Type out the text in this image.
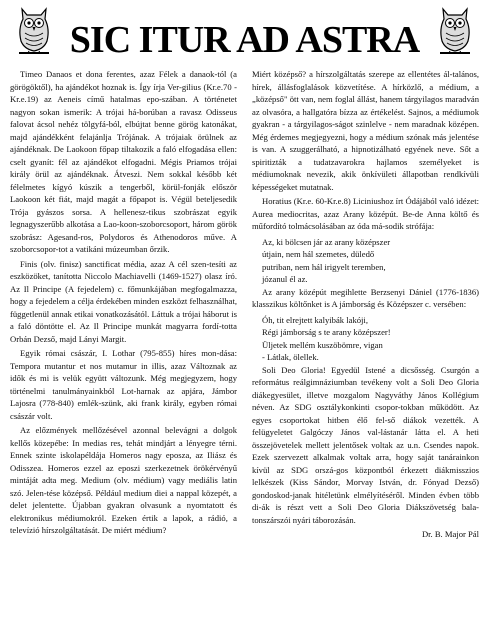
SIC ITUR AD ASTRA

Timeo Danaos et dona ferentes, azaz Félek a danaok-tól (a görögöktől), ha ajándékot hoznak is. Így írja Ver-gilius (Kr.e.70 - Kr.e.19) az Aeneis című hatalmas epo-szában. A történetet nagyon sokan ismerik: A trójai há-borúban a ravasz Odisseus falovat ácsol nehéz tölgyfá-ból, elbújtat benne görög katonákat, majd ajándékként felajánlja Trójának. A trójaiak örülnek az ajándéknak. De Laokoon főpap tiltakozik a faló elfogadása ellen: cselt gyanít: fél az ajándékot elfogadni. Mégis Priamos trójai király örül az ajándéknak. Átveszi. Nem sokkal később két félelmetes kígyó kúszik a tengerből, körül-fonják először Laokoon két fiát, majd magát a főpapot is. Végül beteljesedik Trója gyászos sorsa. A hellenesz-tikus szobrászat egyik legnagyszerűbb alkotása a Lao-koon-szoborcsoport, három görök szobrász: Agesand-ros, Polydoros és Athenodoros műve. A szoborcsopor-tot a vatikáni múzeumban őrzik.

Finis (olv. finisz) sanctificat média, azaz A cél szen-tesíti az eszközöket, tanította Niccolo Machiavelli (1469-1527) olasz író. Az Il Principe (A fejedelem) c. főmunkájában megfogalmazza, hogy a fejedelem a célja érdekében minden eszközt felhasználhat, függetlenül annak etikai vonatkozásától. Láttuk a trójai háborut is a faló döntötte el. Az Il Principe munkát magyarra fordí-totta Orbán Dezső, majd Lányi Margit.

Egyik római császár, I. Lothar (795-855) híres mon-dása: Tempora mutantur et nos mutamur in illis, azaz Változnak az idők és mi is velük együtt változunk. Még megjegyzem, hogy történelmi tanulmányainkból Lot-harnak az apjára, Jámbor Lajosra (778-840) emlék-szünk, aki frank király, egyben római császár volt.

Az előzmények mellőzésével azonnal belevágni a dolgok kellős közepébe: In medias res, tehát mindjárt a lényegre térni. Ennek szinte iskolapéldája Homeros nagy eposza, az Iliász és Odisszea. Homeros ezzel az eposzi szerkezetnek örökérvényű mintáját adta meg. Medium (olv. médium) vagy mediális latin szó. Jelen-tése középső. Például medium diei a nappal közepét, a delet jelentette. Újabban gyakran olvasunk a nyomtatott és elektronikus médiumokról. Ezeken értik a lapok, a rádió, a televízió hírszolgáltatását. De miért médium?

Miért középső? a hírszolgáltatás szerepe az ellentétes ál-talános, hírek, állásfoglalások közvetítése. A hírközlő, a médium, a „középső" ött van, nem foglal állást, hanem tárgyilagos maradván az olvasóra, a hallgatóra bízza az értékelést. Sajnos, a médiumok gyakran - a tárgyilagos-ságot szinlelve - nem maradnak középen. Még érdemes megjegyezni, hogy a médium szónak más jelentése is van. A szuggerálható, a hipnotizálható egyének neve. Sőt a spiritizták a tudatzavarokra hajlamos személyeket is médiumoknak nevezik, akik önkívületi állapotban rendkívüli képességeket mutatnak.

Horatius (Kr.e. 60-Kr.e.8) Liciniushoz írt Ódájából való idézet: Aurea mediocritas, azaz Arany középút. Be-de Anna költő és műfordító tolmácsolásában az óda má-sodik strófája:

Az, ki bölcsen jár az arany középszer

útjain, nem hál szemetes, düledő

putriban, nem hál irigyelt teremben,

józanul él az.

Az arany középút megihlette Berzsenyi Dániel (1776-1836) klasszikus költőnket is A jámborság és Középszer c. versében:

Óh, tit elrejtett kalyibák lakóji,

Régi jámborság s te arany középszer!

Üljetek mellém kuszöbömre, vigan

- Látlak, ölellek.

Soli Deo Gloria! Egyedül Istené a dicsősség. Csurgón a református reálgimnáziumban tevékeny volt a Soli Deo Gloria diákegyesület, illetve mozgalom Nagyváthy János Kollégium néven. Az SDG osztálykonkinti csopor-tokban működött. Az egyes csoportokat hitben élő fel-ső diákok vezették. A felügyeletet Galgóczy János val-lástanár látta el. A heti összejövetelek mellett jelentősek voltak az u.n. Csendes napok. Ezek szervezett alkalmak voltak arra, hogy saját tanárainkon kívül az SDG orszá-gos központból érkezett diákmisszios lelkészek (Kiss Sándor, Morvay István, dr. Fónyad Dezső) gondoskod-janak hitéletünk elmélyítéséről. Minden évben több di-ák is részt vett a Soli Deo Gloria Diákszövetség bala-tonszárszói nyári táborozásán.

Dr. B. Major Pál
